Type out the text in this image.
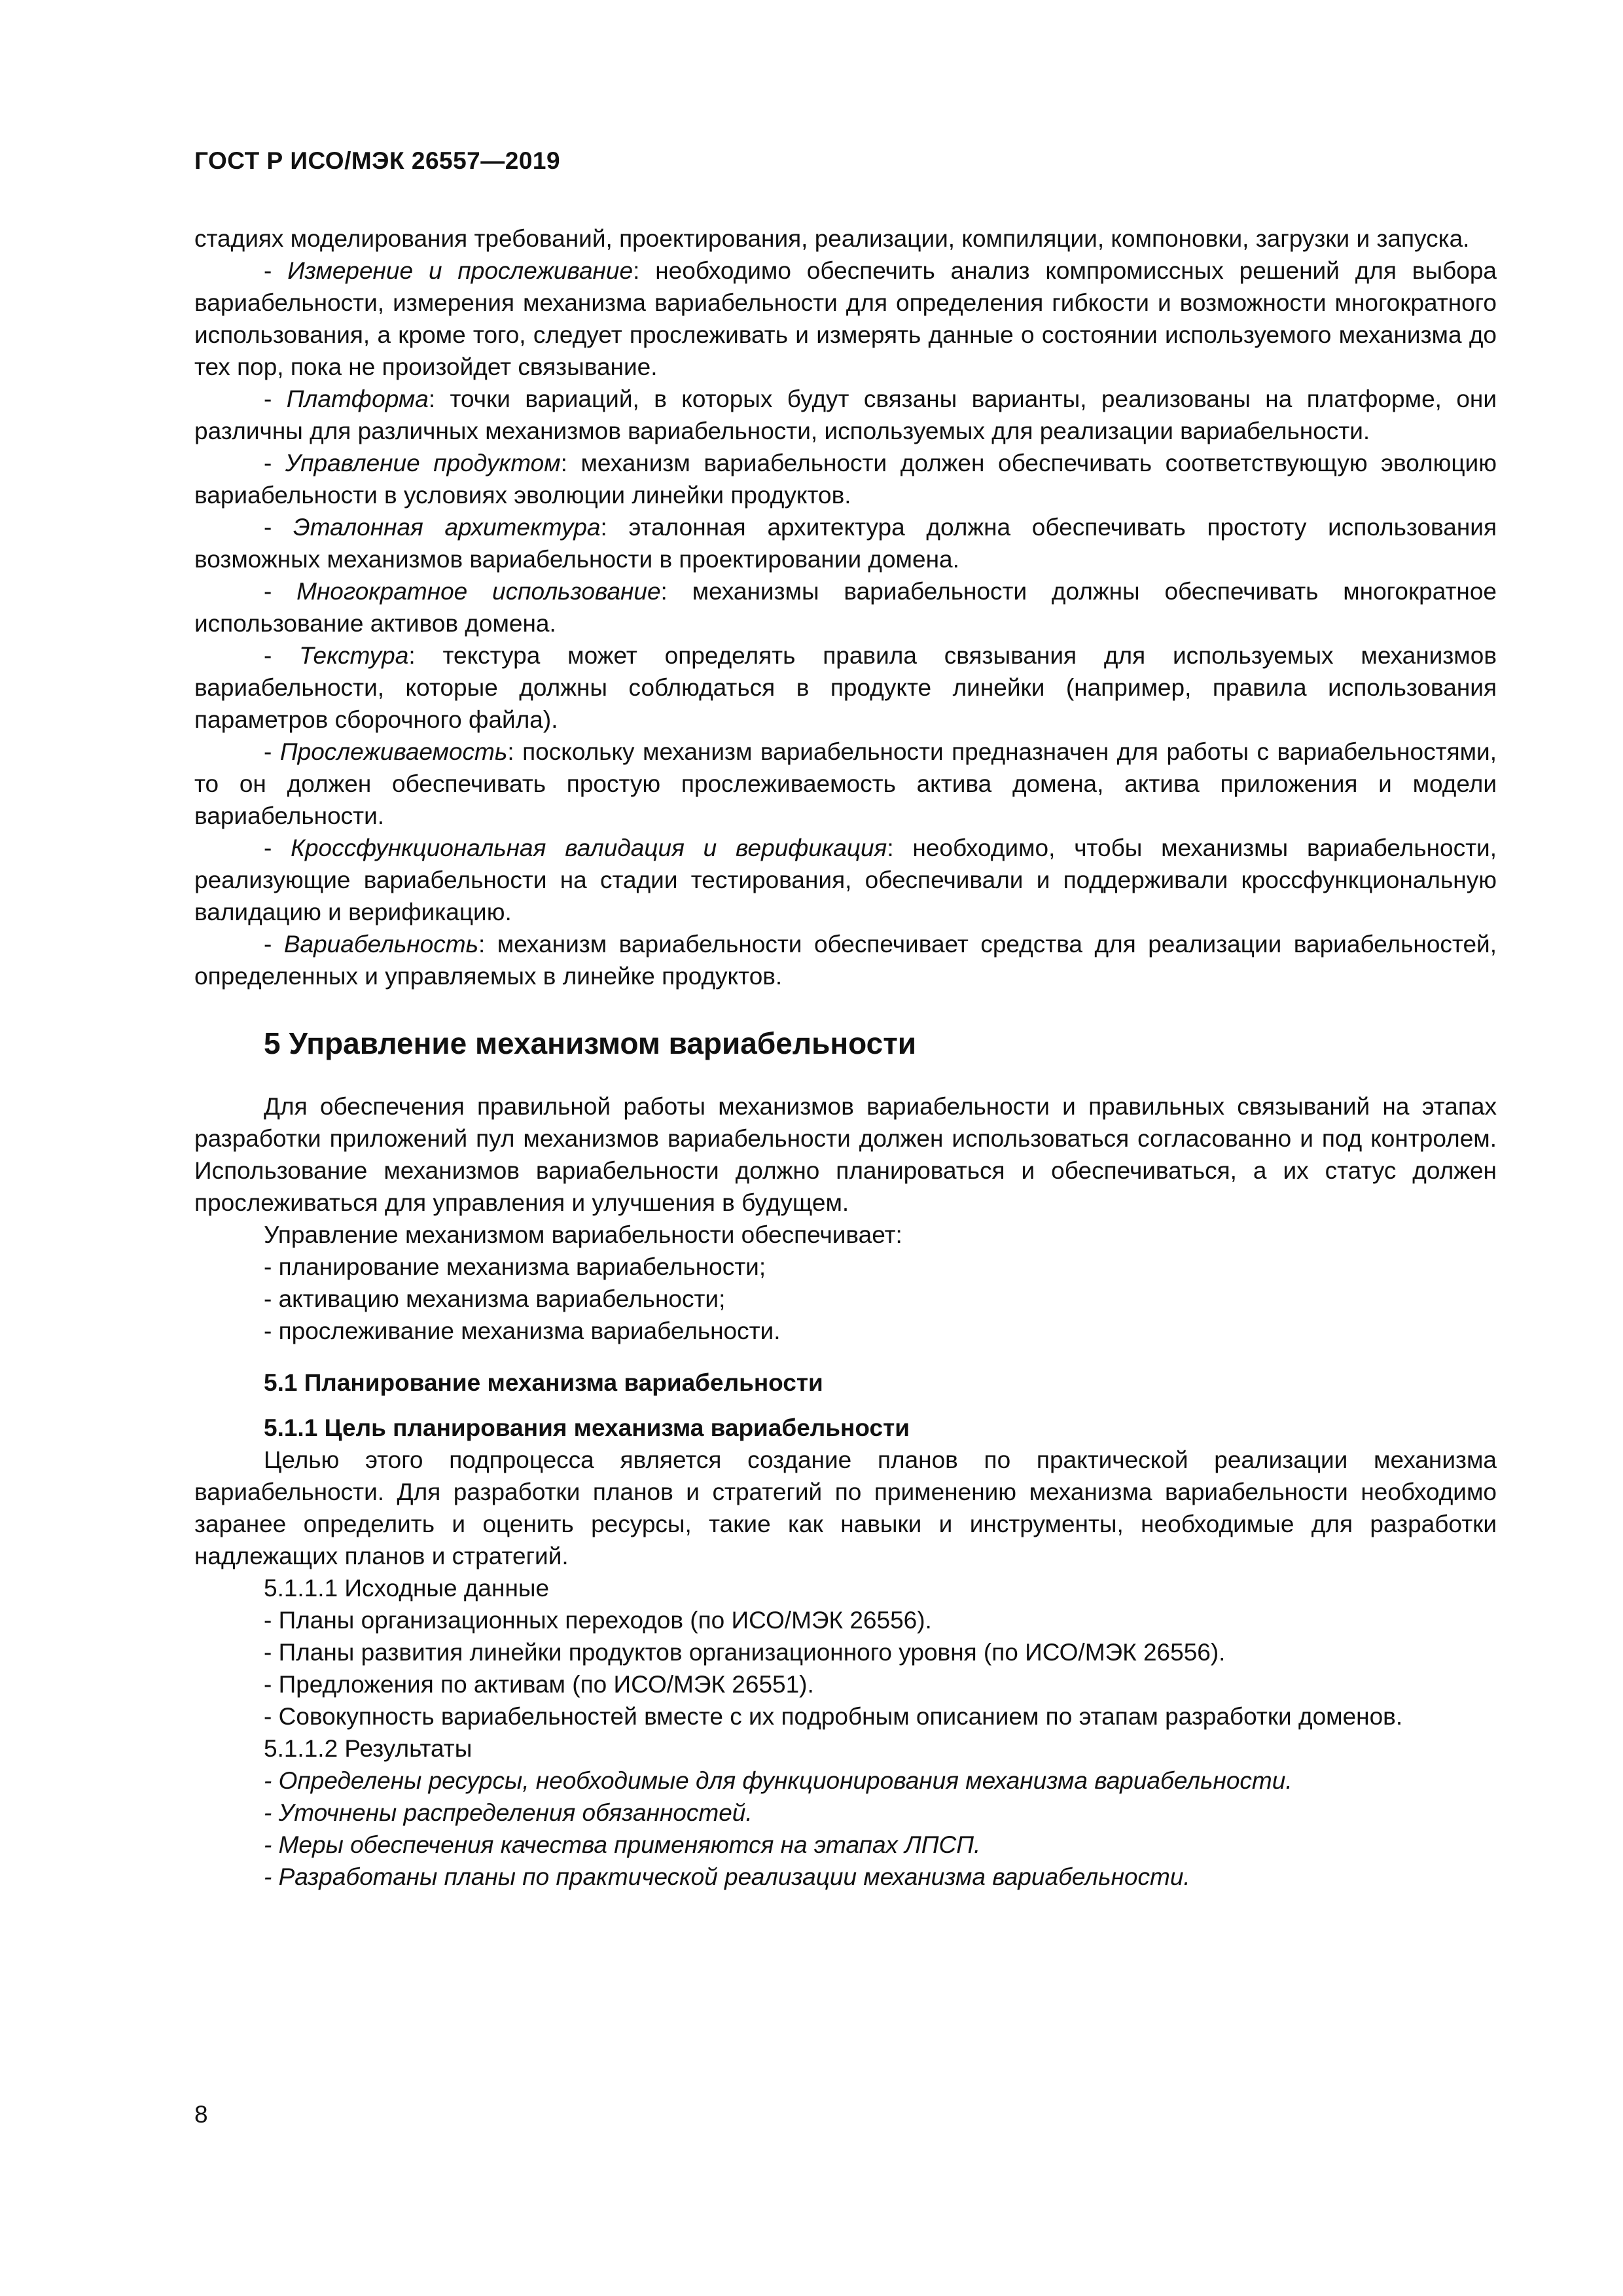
ГОСТ Р ИСО/МЭК 26557—2019

стадиях моделирования требований, проектирования, реализации, компиляции, компоновки, загрузки и запуска.

- Измерение и прослеживание: необходимо обеспечить анализ компромиссных решений для выбора вариабельности, измерения механизма вариабельности для определения гибкости и возможности многократного использования, а кроме того, следует прослеживать и измерять данные о состоянии используемого механизма до тех пор, пока не произойдет связывание.

- Платформа: точки вариаций, в которых будут связаны варианты, реализованы на платформе, они различны для различных механизмов вариабельности, используемых для реализации вариабельности.

- Управление продуктом: механизм вариабельности должен обеспечивать соответствующую эволюцию вариабельности в условиях эволюции линейки продуктов.

- Эталонная архитектура: эталонная архитектура должна обеспечивать простоту использования возможных механизмов вариабельности в проектировании домена.

- Многократное использование: механизмы вариабельности должны обеспечивать многократное использование активов домена.

- Текстура: текстура может определять правила связывания для используемых механизмов вариабельности, которые должны соблюдаться в продукте линейки (например, правила использования параметров сборочного файла).

- Прослеживаемость: поскольку механизм вариабельности предназначен для работы с вариабельностями, то он должен обеспечивать простую прослеживаемость актива домена, актива приложения и модели вариабельности.

- Кроссфункциональная валидация и верификация: необходимо, чтобы механизмы вариабельности, реализующие вариабельности на стадии тестирования, обеспечивали и поддерживали кроссфункциональную валидацию и верификацию.

- Вариабельность: механизм вариабельности обеспечивает средства для реализации вариабельностей, определенных и управляемых в линейке продуктов.

5 Управление механизмом вариабельности

Для обеспечения правильной работы механизмов вариабельности и правильных связываний на этапах разработки приложений пул механизмов вариабельности должен использоваться согласованно и под контролем. Использование механизмов вариабельности должно планироваться и обеспечиваться, а их статус должен прослеживаться для управления и улучшения в будущем.

Управление механизмом вариабельности обеспечивает:

- планирование механизма вариабельности;

- активацию механизма вариабельности;

- прослеживание механизма вариабельности.

5.1 Планирование механизма вариабельности
5.1.1 Цель планирования механизма вариабельности

Целью этого подпроцесса является создание планов по практической реализации механизма вариабельности. Для разработки планов и стратегий по применению механизма вариабельности необходимо заранее определить и оценить ресурсы, такие как навыки и инструменты, необходимые для разработки надлежащих планов и стратегий.

5.1.1.1 Исходные данные

- Планы организационных переходов (по ИСО/МЭК 26556).

- Планы развития линейки продуктов организационного уровня (по ИСО/МЭК 26556).

- Предложения по активам (по ИСО/МЭК 26551).

- Совокупность вариабельностей вместе с их подробным описанием по этапам разработки доменов.

5.1.1.2 Результаты

- Определены ресурсы, необходимые для функционирования механизма вариабельности.

- Уточнены распределения обязанностей.

- Меры обеспечения качества применяются на этапах ЛПСП.

- Разработаны планы по практической реализации механизма вариабельности.

8
